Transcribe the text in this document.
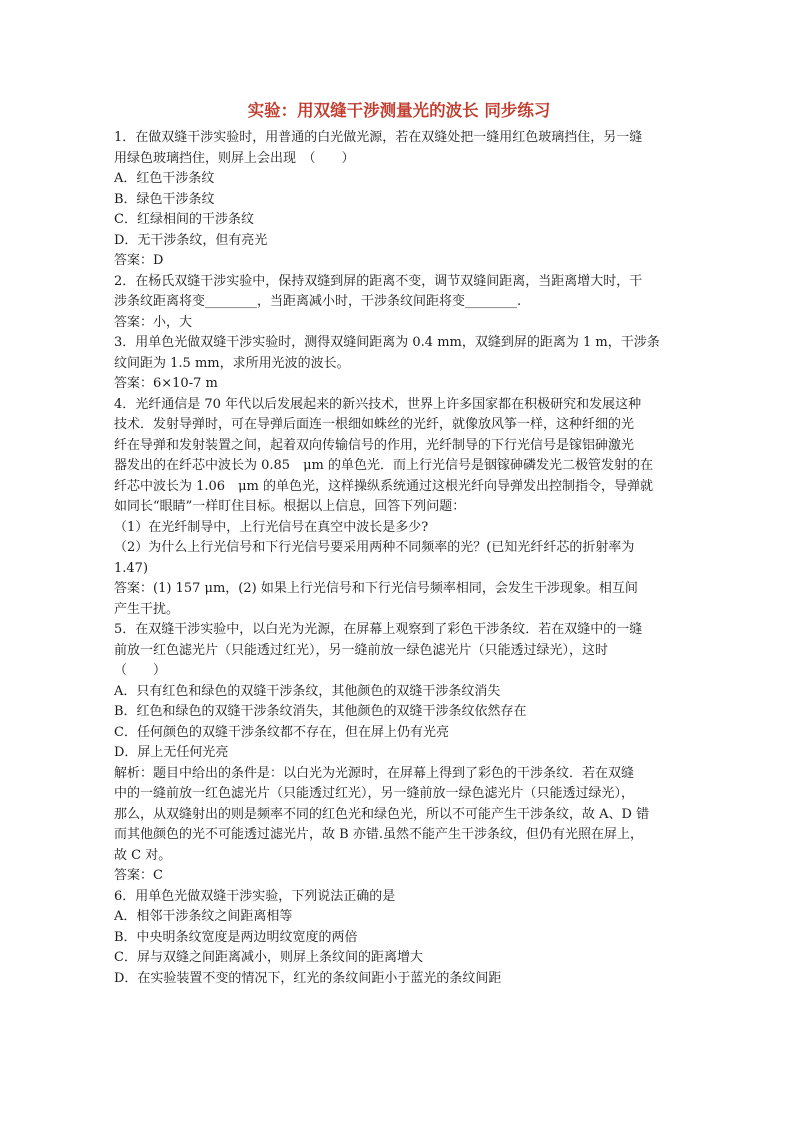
实验：用双缝干涉测量光的波长 同步练习
1．在做双缝干涉实验时，用普通的白光做光源，若在双缝处把一缝用红色玻璃挡住，另一缝
用绿色玻璃挡住，则屏上会出现　（　　）
A．红色干涉条纹
B．绿色干涉条纹
C．红绿相间的干涉条纹
D．无干涉条纹，但有亮光
答案：D
2．在杨氏双缝干涉实验中，保持双缝到屏的距离不变，调节双缝间距离，当距离增大时，干
涉条纹距离将变________，当距离减小时，干涉条纹间距将变________.
答案：小，大
3．用单色光做双缝干涉实验时，测得双缝间距离为 0.4 mm，双缝到屏的距离为 1 m，干涉条
纹间距为 1.5 mm，求所用光波的波长。
答案：6×10-7 m
4．光纤通信是 70 年代以后发展起来的新兴技术，世界上许多国家都在积极研究和发展这种
技术．发射导弹时，可在导弹后面连一根细如蛛丝的光纤，就像放风筝一样，这种纤细的光
纤在导弹和发射装置之间，起着双向传输信号的作用，光纤制导的下行光信号是镓铝砷激光
器发出的在纤芯中波长为 0.85　μm 的单色光．而上行光信号是铟镓砷磷发光二极管发射的在
纤芯中波长为 1.06　μm 的单色光，这样操纵系统通过这根光纤向导弹发出控制指令，导弹就
如同长“眼睛”一样盯住目标。根据以上信息，回答下列问题：
（1）在光纤制导中，上行光信号在真空中波长是多少?
（2）为什么上行光信号和下行光信号要采用两种不同频率的光？(已知光纤纤芯的折射率为
1.47)
答案：(1) 157 μm，(2) 如果上行光信号和下行光信号频率相同，会发生干涉现象。相互间
产生干扰。
5．在双缝干涉实验中，以白光为光源，在屏幕上观察到了彩色干涉条纹．若在双缝中的一缝
前放一红色滤光片（只能透过红光），另一缝前放一绿色滤光片（只能透过绿光），这时
（　　）
A．只有红色和绿色的双缝干涉条纹，其他颜色的双缝干涉条纹消失
B．红色和绿色的双缝干涉条纹消失，其他颜色的双缝干涉条纹依然存在
C．任何颜色的双缝干涉条纹都不存在，但在屏上仍有光亮
D．屏上无任何光亮
解析：题目中给出的条件是：以白光为光源时，在屏幕上得到了彩色的干涉条纹．若在双缝
中的一缝前放一红色滤光片（只能透过红光），另一缝前放一绿色滤光片（只能透过绿光），
那么，从双缝射出的则是频率不同的红色光和绿色光，所以不可能产生干涉条纹，故 A、D 错
而其他颜色的光不可能透过滤光片，故 B 亦错.虽然不能产生干涉条纹，但仍有光照在屏上，
故 C 对。
答案：C
6．用单色光做双缝干涉实验，下列说法正确的是
A．相邻干涉条纹之间距离相等
B．中央明条纹宽度是两边明纹宽度的两倍
C．屏与双缝之间距离减小，则屏上条纹间的距离增大
D．在实验装置不变的情况下，红光的条纹间距小于蓝光的条纹间距
